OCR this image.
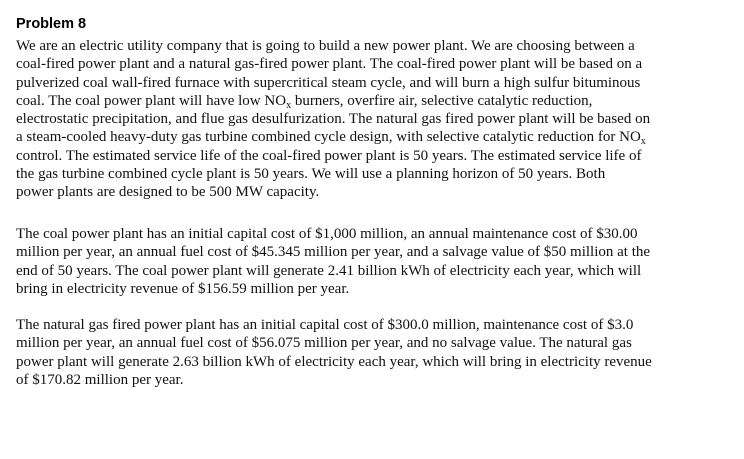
Problem 8

We are an electric utility company that is going to build a new power plant. We are choosing between a
coal-fired power plant and a natural gas-fired power plant. The coal-fired power plant will be based on a
pulverized coal wall-fired furnace with supercritical steam cycle, and will burn a high sulfur bituminous
coal. The coal power plant will have low $NO_x$ burners, overfire air, selective catalytic reduction,
electrostatic precipitation, and flue gas desulfurization. The natural gas fired power plant will be based on
a steam-cooled heavy-duty gas turbine combined cycle design, with selective catalytic reduction for $NO_x$
control. The estimated service life of the coal-fired power plant is 50 years. The estimated service life of
the gas turbine combined cycle plant is 50 years. We will use a planning horizon of 50 years. Both
power plants are designed to be 500 MW capacity.

The coal power plant has an initial capital cost of $1,000 million, an annual maintenance cost of $30.00
million per year, an annual fuel cost of $45.345 million per year, and a salvage value of $50 million at the
end of 50 years. The coal power plant will generate 2.41 billion kWh of electricity each year, which will
bring in electricity revenue of $156.59 million per year.

The natural gas fired power plant has an initial capital cost of $300.0 million, maintenance cost of $3.0
million per year, an annual fuel cost of $56.075 million per year, and no salvage value. The natural gas
power plant will generate 2.63 billion kWh of electricity each year, which will bring in electricity revenue
of $170.82 million per year.
